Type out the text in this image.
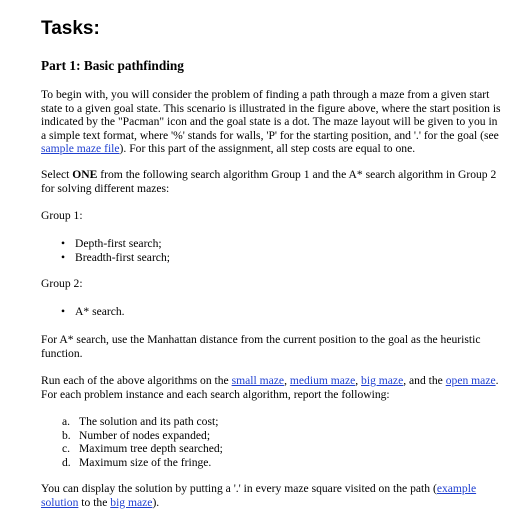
Tasks:
Part 1: Basic pathfinding

To begin with, you will consider the problem of finding a path through a maze from a given start state to a given goal state. This scenario is illustrated in the figure above, where the start position is indicated by the "Pacman" icon and the goal state is a dot. The maze layout will be given to you in a simple text format, where '%' stands for walls, 'P' for the starting position, and '.' for the goal (see sample maze file). For this part of the assignment, all step costs are equal to one.

Select ONE from the following search algorithm Group 1 and the A* search algorithm in Group 2 for solving different mazes:

Group 1:

• Depth-first search;
• Breadth-first search;

Group 2:

• A* search.

For A* search, use the Manhattan distance from the current position to the goal as the heuristic function.

Run each of the above algorithms on the small maze, medium maze, big maze, and the open maze. For each problem instance and each search algorithm, report the following:

a. The solution and its path cost;
b. Number of nodes expanded;
c. Maximum tree depth searched;
d. Maximum size of the fringe.

You can display the solution by putting a '.' in every maze square visited on the path (example solution to the big maze).
